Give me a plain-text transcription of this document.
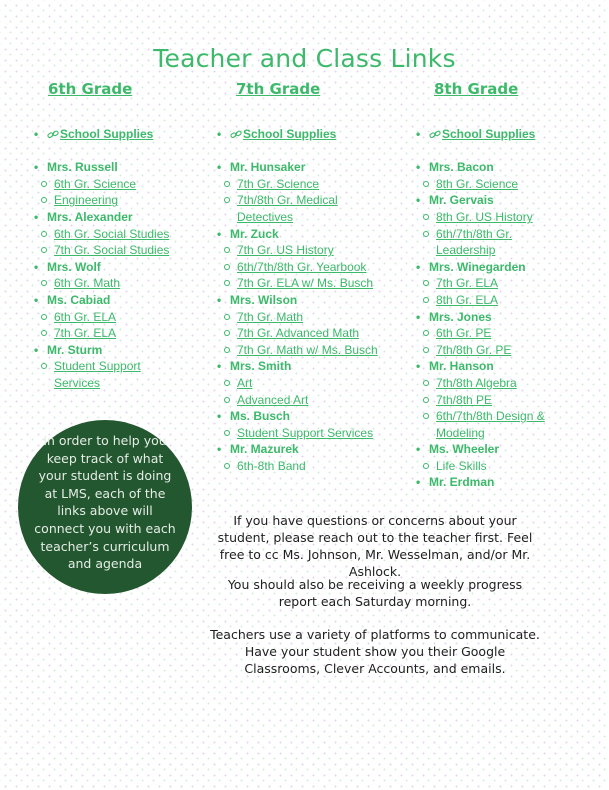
Teacher and Class Links
6th Grade	7th Grade	8th Grade
• School Supplies
• Mrs. Russell
6th Gr. Science
Engineering
• Mrs. Alexander
6th Gr. Social Studies
7th Gr. Social Studies
• Mrs. Wolf
6th Gr. Math
• Ms. Cabiad
6th Gr. ELA
7th Gr. ELA
• Mr. Sturm
Student Support Services
• School Supplies
• Mr. Hunsaker
7th Gr. Science
7th/8th Gr. Medical Detectives
• Mr. Zuck
7th Gr. US History
6th/7th/8th Gr. Yearbook
7th Gr. ELA w/ Ms. Busch
• Mrs. Wilson
7th Gr. Math
7th Gr. Advanced Math
7th Gr. Math w/ Ms. Busch
• Mrs. Smith
Art
Advanced Art
• Ms. Busch
Student Support Services
• Mr. Mazurek
6th-8th Band
• School Supplies
• Mrs. Bacon
8th Gr. Science
• Mr. Gervais
8th Gr. US History
6th/7th/8th Gr. Leadership
• Mrs. Winegarden
7th Gr. ELA
8th Gr. ELA
• Mrs. Jones
6th Gr. PE
7th/8th Gr. PE
• Mr. Hanson
7th/8th Algebra
7th/8th PE
6th/7th/8th Design & Modeling
• Ms. Wheeler
Life Skills
• Mr. Erdman
In order to help you keep track of what your student is doing at LMS, each of the links above will connect you with each teacher’s curriculum and agenda
If you have questions or concerns about your student, please reach out to the teacher first. Feel free to cc Ms. Johnson, Mr. Wesselman, and/or Mr. Ashlock.
You should also be receiving a weekly progress report each Saturday morning.
Teachers use a variety of platforms to communicate. Have your student show you their Google Classrooms, Clever Accounts, and emails.
